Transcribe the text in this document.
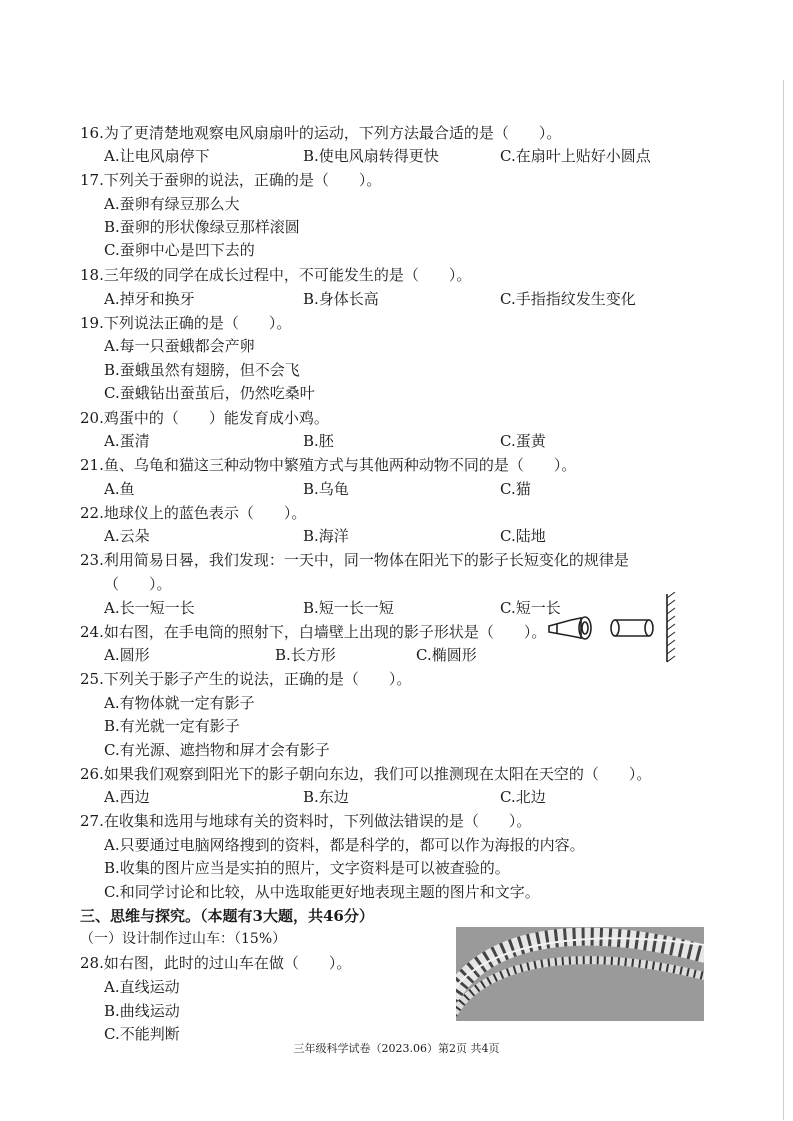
16.为了更清楚地观察电风扇扇叶的运动，下列方法最合适的是（　　）。
A.让电风扇停下	B.使电风扇转得更快	C.在扇叶上贴好小圆点
17.下列关于蚕卵的说法，正确的是（　　）。
A.蚕卵有绿豆那么大
B.蚕卵的形状像绿豆那样滚圆
C.蚕卵中心是凹下去的
18.三年级的同学在成长过程中，不可能发生的是（　　）。
A.掉牙和换牙	B.身体长高	C.手指指纹发生变化
19.下列说法正确的是（　　）。
A.每一只蚕蛾都会产卵
B.蚕蛾虽然有翅膀，但不会飞
C.蚕蛾钻出蚕茧后，仍然吃桑叶
20.鸡蛋中的（　　）能发育成小鸡。
A.蛋清	B.胚	C.蛋黄
21.鱼、乌龟和猫这三种动物中繁殖方式与其他两种动物不同的是（　　）。
A.鱼	B.乌龟	C.猫
22.地球仪上的蓝色表示（　　）。
A.云朵	B.海洋	C.陆地
23.利用简易日晷，我们发现：一天中，同一物体在阳光下的影子长短变化的规律是
（　　）。
A.长一短一长	B.短一长一短	C.短一长
24.如右图，在手电筒的照射下，白墙壁上出现的影子形状是（　　）。
A.圆形	B.长方形	C.椭圆形
25.下列关于影子产生的说法，正确的是（　　）。
A.有物体就一定有影子
B.有光就一定有影子
C.有光源、遮挡物和屏才会有影子
26.如果我们观察到阳光下的影子朝向东边，我们可以推测现在太阳在天空的（　　）。
A.西边	B.东边	C.北边
27.在收集和选用与地球有关的资料时，下列做法错误的是（　　）。
A.只要通过电脑网络搜到的资料，都是科学的，都可以作为海报的内容。
B.收集的图片应当是实拍的照片，文字资料是可以被查验的。
C.和同学讨论和比较，从中选取能更好地表现主题的图片和文字。
三、思维与探究。（本题有3大题，共46分）
（一）设计制作过山车：（15%）
28.如右图，此时的过山车在做（　　）。
A.直线运动
B.曲线运动
C.不能判断
三年级科学试卷（2023.06）第2页 共4页
